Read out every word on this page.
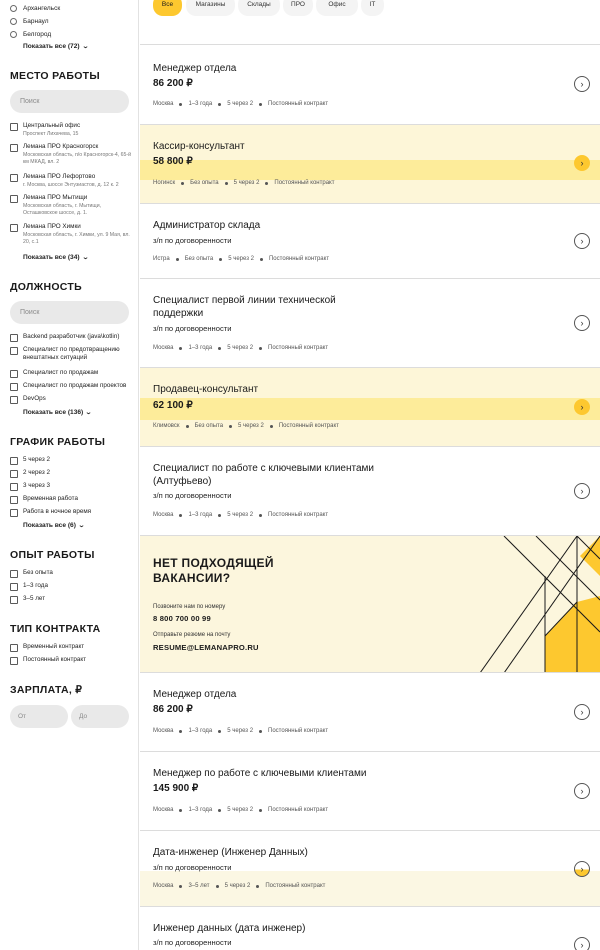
Архангельск
Барнаул
Белгород
Показать все (72) ⌄
МЕСТО РАБОТЫ
Поиск
Центральный офис
Проспект Лихачева, 15
Лемана ПРО Красногорск
Московская область, п/о Красногорск-4, 65-й км МКАД, вл. 2
Лемана ПРО Лефортово
г. Москва, шоссе Энтузиастов, д. 12 к. 2
Лемана ПРО Мытищи
Московская область, г. Мытищи, Осташковское шоссе, д. 1.
Лемана ПРО Химки
Московская область, г. Химки, ул. 9 Мая, вл. 20, с.1
Показать все (34) ⌄
ДОЛЖНОСТЬ
Поиск
Backend разработчик (java\kotlin)
Специалист по предотвращению внештатных ситуаций
Специалист по продажам
Специалист по продажам проектов
DevOps
Показать все (136) ⌄
ГРАФИК РАБОТЫ
5 через 2
2 через 2
3 через 3
Временная работа
Работа в ночное время
Показать все (6) ⌄
ОПЫТ РАБОТЫ
Без опыта
1–3 года
3–5 лет
ТИП КОНТРАКТА
Временный контракт
Постоянный контракт
ЗАРПЛАТА, ₽
От	До
Все	Магазины	Склады	ПРО	Офис	IT
Менеджер отдела
86 200 ₽
Москва	1–3 года	5 через 2	Постоянный контракт
›
Кассир-консультант
58 800 ₽
Ногинск	Без опыта	5 через 2	Постоянный контракт
›
Администратор склада
з/п по договоренности
Истра	Без опыта	5 через 2	Постоянный контракт
›
Специалист первой линии технической поддержки
з/п по договоренности
Москва	1–3 года	5 через 2	Постоянный контракт
›
Продавец-консультант
62 100 ₽
Климовск	Без опыта	5 через 2	Постоянный контракт
›
Специалист по работе с ключевыми клиентами (Алтуфьево)
з/п по договоренности
Москва	1–3 года	5 через 2	Постоянный контракт
›
НЕТ ПОДХОДЯЩЕЙ ВАКАНСИИ?
Позвоните нам по номеру
8 800 700 00 99
Отправьте резюме на почту
RESUME@LEMANAPRO.RU
Менеджер отдела
86 200 ₽
Москва	1–3 года	5 через 2	Постоянный контракт
›
Менеджер по работе с ключевыми клиентами
145 900 ₽
Москва	1–3 года	5 через 2	Постоянный контракт
›
Дата-инженер (Инженер Данных)
з/п по договоренности
Москва	3–5 лет	5 через 2	Постоянный контракт
›
Инженер данных (дата инженер)
з/п по договоренности	›
